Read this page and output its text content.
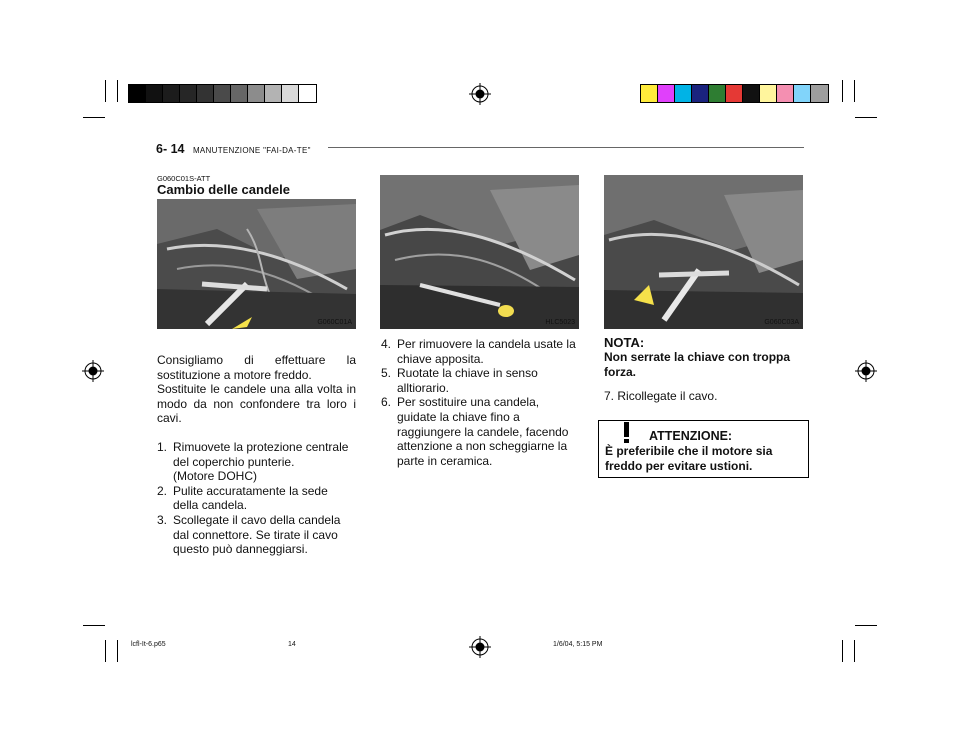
6- 14 MANUTENZIONE "FAI-DA-TE"
G060C01S-ATT
Cambio delle candele
G060C01A	HLC5023	G060C03A
Consigliamo di effettuare la sostituzione a motore freddo.
Sostituite le candele una alla volta in modo da non confondere tra loro i cavi.
1. Rimuovete la protezione centrale del coperchio punterie.
(Motore DOHC)
2. Pulite accuratamente la sede della candela.
3. Scollegate il cavo della candela dal connettore. Se tirate il cavo questo può danneggiarsi.
4. Per rimuovere la candela usate la chiave apposita.
5. Ruotate la chiave in senso alltiorario.
6. Per sostituire una candela, guidate la chiave fino a raggiungere la candele, facendo attenzione a non scheggiarne la parte in ceramica.
NOTA:
Non serrate la chiave con troppa forza.
7. Ricollegate il cavo.
ATTENZIONE:
È preferibile che il motore sia freddo per evitare ustioni.
lcfl-It-6.p65	14	1/6/04, 5:15 PM
